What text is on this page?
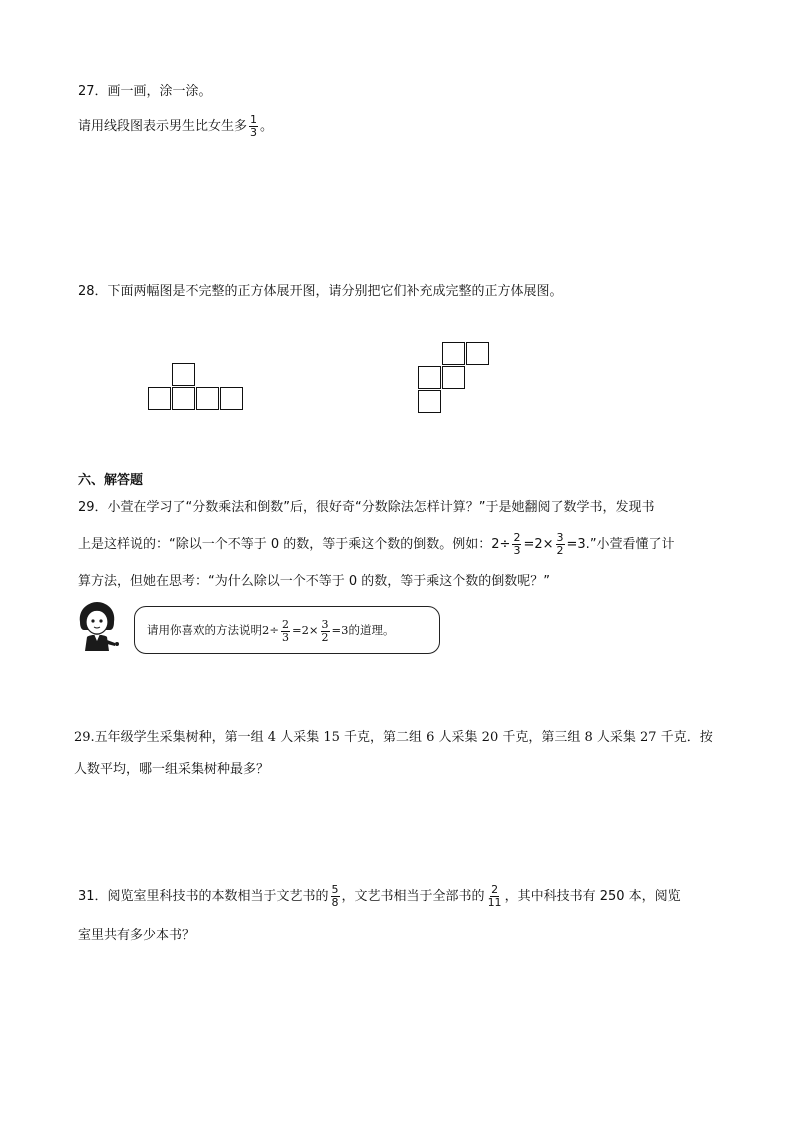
27．画一画，涂一涂。
请用线段图表示男生比女生多 $\frac{1}{3}$ 。
28．下面两幅图是不完整的正方体展开图，请分别把它们补充成完整的正方体展图。
六、解答题
29．小萱在学习了“分数乘法和倒数”后，很好奇“分数除法怎样计算？”于是她翻阅了数学书，发现书
上是这样说的：“除以一个不等于 0 的数，等于乘这个数的倒数。例如：$2\div \frac{2}{3} =2\times \frac{3}{2} =3$.”小萱看懂了计
算方法，但她在思考：“为什么除以一个不等于 0 的数，等于乘这个数的倒数呢？”
请用你喜欢的方法说明$2\div \frac{2}{3} =2\times \frac{3}{2} =3$的道理。
29.五年级学生采集树种，第一组 4 人采集 15 千克，第二组 6 人采集 20 千克，第三组 8 人采集 27 千克．按
人数平均，哪一组采集树种最多？
31．阅览室里科技书的本数相当于文艺书的 $\frac{5}{8}$ ，文艺书相当于全部书的 $\frac{2}{11}$ ，其中科技书有 250 本，阅览
室里共有多少本书？
